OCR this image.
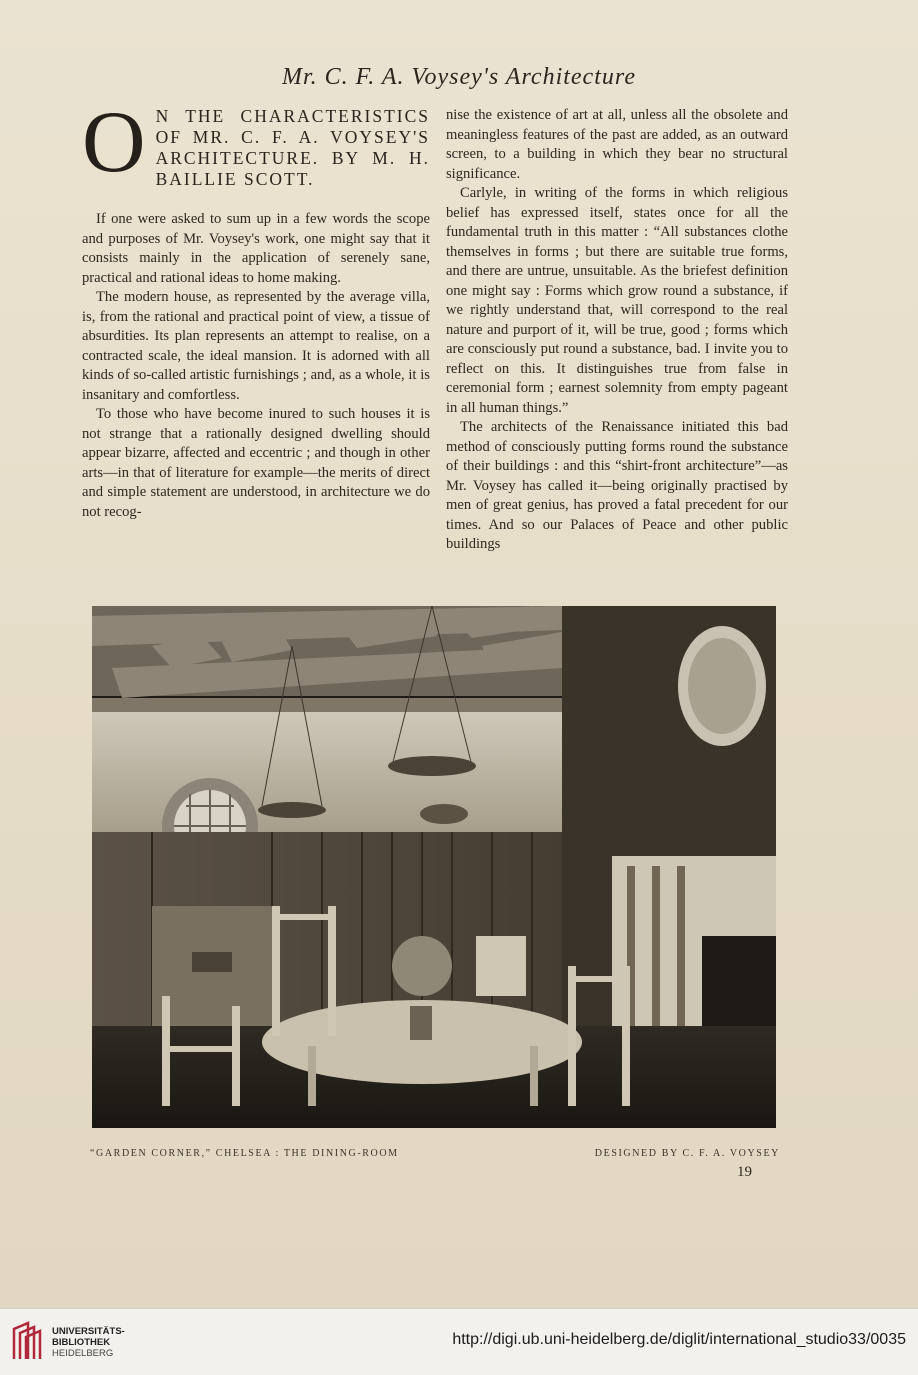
Mr. C. F. A. Voysey's Architecture
O N THE CHARACTERISTICS OF MR. C. F. A. VOYSEY'S ARCHITECTURE. BY M. H. BAILLIE SCOTT.

If one were asked to sum up in a few words the scope and purposes of Mr. Voysey's work, one might say that it consists mainly in the application of serenely sane, practical and rational ideas to home making.

The modern house, as represented by the average villa, is, from the rational and practical point of view, a tissue of absurdities. Its plan represents an attempt to realise, on a contracted scale, the ideal mansion. It is adorned with all kinds of so-called artistic furnishings ; and, as a whole, it is insanitary and comfortless.

To those who have become inured to such houses it is not strange that a rationally designed dwelling should appear bizarre, affected and eccentric ; and though in other arts—in that of literature for example—the merits of direct and simple statement are understood, in architecture we do not recog-

nise the existence of art at all, unless all the obsolete and meaningless features of the past are added, as an outward screen, to a building in which they bear no structural significance.

Carlyle, in writing of the forms in which religious belief has expressed itself, states once for all the fundamental truth in this matter : “All substances clothe themselves in forms ; but there are suitable true forms, and there are untrue, unsuitable. As the briefest definition one might say : Forms which grow round a substance, if we rightly understand that, will correspond to the real nature and purport of it, will be true, good ; forms which are consciously put round a substance, bad. I invite you to reflect on this. It distinguishes true from false in ceremonial form ; earnest solemnity from empty pageant in all human things.”

The architects of the Renaissance initiated this bad method of consciously putting forms round the substance of their buildings : and this “shirt-front architecture”—as Mr. Voysey has called it—being originally practised by men of great genius, has proved a fatal precedent for our times. And so our Palaces of Peace and other public buildings

“GARDEN CORNER,” CHELSEA : THE DINING-ROOM	DESIGNED BY C. F. A. VOYSEY
19
UNIVERSITÄTS-
BIBLIOTHEK
HEIDELBERG
http://digi.ub.uni-heidelberg.de/diglit/international_studio33/0035
